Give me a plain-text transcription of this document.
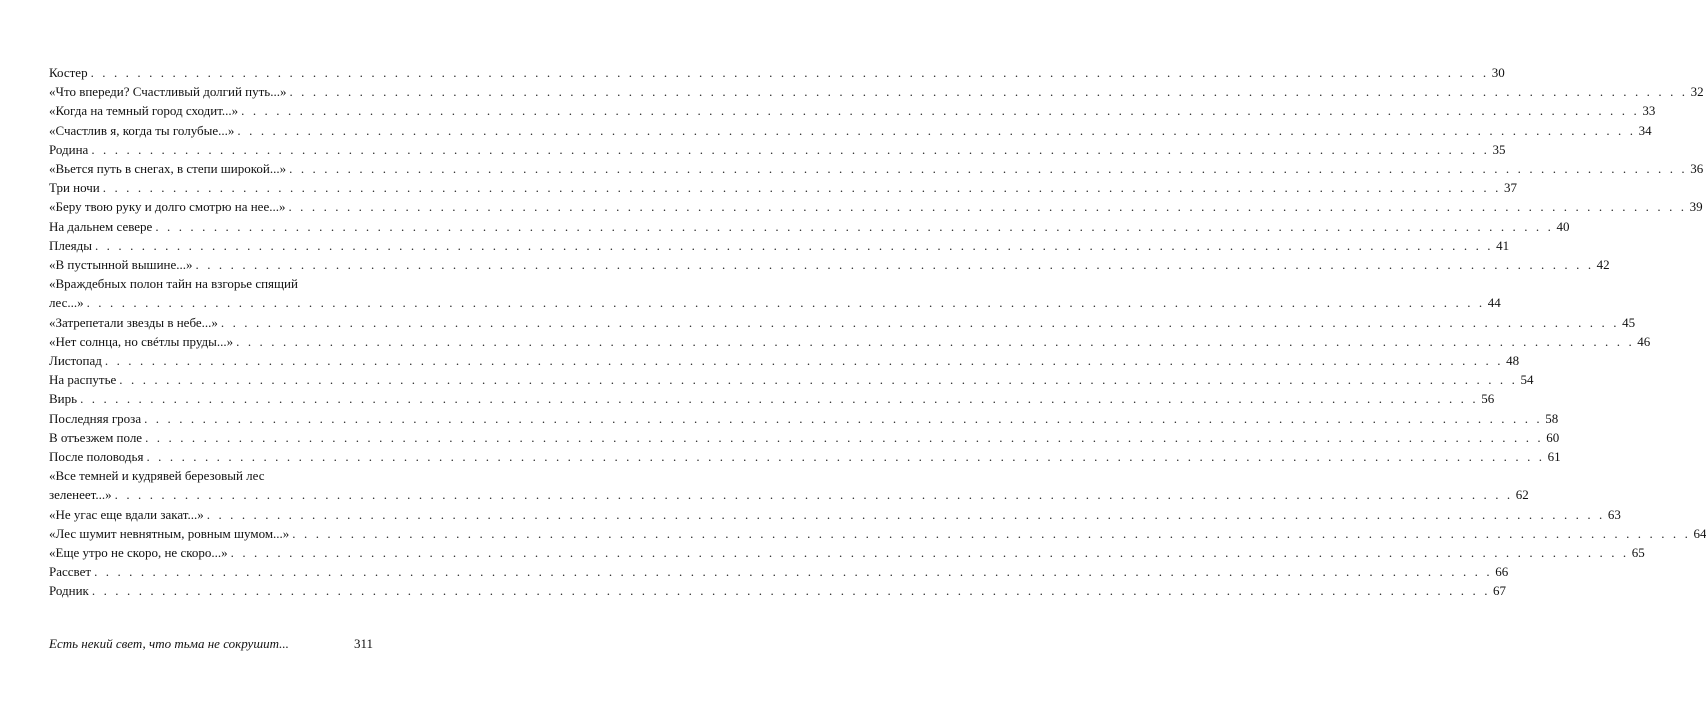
Костер . . . . . . . . . . . . . . . . . . . . . . . . . . . . . . . . . . . . . . . . . . . . . . . . . . . . . . . . . . . . . . . . . . . . . . . . . . . . . . . . . . . . . . . . . . . . . . . . . . . . . . . . . . . . . . . . . . . . . . . . 30
«Что впереди? Счастливый долгий путь...» . . . . . . . . . . . . . . . . . . . . . . . . . . . . . . . . . . . . . . . . . . . . . . . . . . . . . . . . . . . . . . . . . . . . . . . . . . . . . . . . . . . . . . . . . . . . . . . . . . . . . . . . . . . . . . . . . . . . . . . . 32
«Когда на темный город сходит...» . . . . . . . . . . . . . . . . . . . . . . . . . . . . . . . . . . . . . . . . . . . . . . . . . . . . . . . . . . . . . . . . . . . . . . . . . . . . . . . . . . . . . . . . . . . . . . . . . . . . . . . . . . . . . . . . . . . . . . . . 33
«Счастлив я, когда ты голубые...» . . . . . . . . . . . . . . . . . . . . . . . . . . . . . . . . . . . . . . . . . . . . . . . . . . . . . . . . . . . . . . . . . . . . . . . . . . . . . . . . . . . . . . . . . . . . . . . . . . . . . . . . . . . . . . . . . . . . . . . . 34
Родина . . . . . . . . . . . . . . . . . . . . . . . . . . . . . . . . . . . . . . . . . . . . . . . . . . . . . . . . . . . . . . . . . . . . . . . . . . . . . . . . . . . . . . . . . . . . . . . . . . . . . . . . . . . . . . . . . . . . . . . . 35
«Вьется путь в снегах, в степи широкой...» . . . . . . . . . . . . . . . . . . . . . . . . . . . . . . . . . . . . . . . . . . . . . . . . . . . . . . . . . . . . . . . . . . . . . . . . . . . . . . . . . . . . . . . . . . . . . . . . . . . . . . . . . . . . . . . . . . . . . . . . 36
Три ночи . . . . . . . . . . . . . . . . . . . . . . . . . . . . . . . . . . . . . . . . . . . . . . . . . . . . . . . . . . . . . . . . . . . . . . . . . . . . . . . . . . . . . . . . . . . . . . . . . . . . . . . . . . . . . . . . . . . . . . . . 37
«Беру твою руку и долго смотрю на нее...» . . . . . . . . . . . . . . . . . . . . . . . . . . . . . . . . . . . . . . . . . . . . . . . . . . . . . . . . . . . . . . . . . . . . . . . . . . . . . . . . . . . . . . . . . . . . . . . . . . . . . . . . . . . . . . . . . . . . . . . . 39
На дальнем севере . . . . . . . . . . . . . . . . . . . . . . . . . . . . . . . . . . . . . . . . . . . . . . . . . . . . . . . . . . . . . . . . . . . . . . . . . . . . . . . . . . . . . . . . . . . . . . . . . . . . . . . . . . . . . . . . . . . . . . . . 40
Плеяды . . . . . . . . . . . . . . . . . . . . . . . . . . . . . . . . . . . . . . . . . . . . . . . . . . . . . . . . . . . . . . . . . . . . . . . . . . . . . . . . . . . . . . . . . . . . . . . . . . . . . . . . . . . . . . . . . . . . . . . . 41
«В пустынной вышине...» . . . . . . . . . . . . . . . . . . . . . . . . . . . . . . . . . . . . . . . . . . . . . . . . . . . . . . . . . . . . . . . . . . . . . . . . . . . . . . . . . . . . . . . . . . . . . . . . . . . . . . . . . . . . . . . . . . . . . . . . 42
«Враждебных полон тайн на взгорье спящий
лес...» . . . . . . . . . . . . . . . . . . . . . . . . . . . . . . . . . . . . . . . . . . . . . . . . . . . . . . . . . . . . . . . . . . . . . . . . . . . . . . . . . . . . . . . . . . . . . . . . . . . . . . . . . . . . . . . . . . . . . . . . 44
«Затрепетали звезды в небе...» . . . . . . . . . . . . . . . . . . . . . . . . . . . . . . . . . . . . . . . . . . . . . . . . . . . . . . . . . . . . . . . . . . . . . . . . . . . . . . . . . . . . . . . . . . . . . . . . . . . . . . . . . . . . . . . . . . . . . . . . 45
«Нет солнца, но свéтлы пруды...» . . . . . . . . . . . . . . . . . . . . . . . . . . . . . . . . . . . . . . . . . . . . . . . . . . . . . . . . . . . . . . . . . . . . . . . . . . . . . . . . . . . . . . . . . . . . . . . . . . . . . . . . . . . . . . . . . . . . . . . . 46
Листопад . . . . . . . . . . . . . . . . . . . . . . . . . . . . . . . . . . . . . . . . . . . . . . . . . . . . . . . . . . . . . . . . . . . . . . . . . . . . . . . . . . . . . . . . . . . . . . . . . . . . . . . . . . . . . . . . . . . . . . . . 48
На распутье . . . . . . . . . . . . . . . . . . . . . . . . . . . . . . . . . . . . . . . . . . . . . . . . . . . . . . . . . . . . . . . . . . . . . . . . . . . . . . . . . . . . . . . . . . . . . . . . . . . . . . . . . . . . . . . . . . . . . . . . 54
Вирь . . . . . . . . . . . . . . . . . . . . . . . . . . . . . . . . . . . . . . . . . . . . . . . . . . . . . . . . . . . . . . . . . . . . . . . . . . . . . . . . . . . . . . . . . . . . . . . . . . . . . . . . . . . . . . . . . . . . . . . . 56
Последняя гроза . . . . . . . . . . . . . . . . . . . . . . . . . . . . . . . . . . . . . . . . . . . . . . . . . . . . . . . . . . . . . . . . . . . . . . . . . . . . . . . . . . . . . . . . . . . . . . . . . . . . . . . . . . . . . . . . . . . . . . . . 58
В отъезжем поле . . . . . . . . . . . . . . . . . . . . . . . . . . . . . . . . . . . . . . . . . . . . . . . . . . . . . . . . . . . . . . . . . . . . . . . . . . . . . . . . . . . . . . . . . . . . . . . . . . . . . . . . . . . . . . . . . . . . . . . . 60
После половодья . . . . . . . . . . . . . . . . . . . . . . . . . . . . . . . . . . . . . . . . . . . . . . . . . . . . . . . . . . . . . . . . . . . . . . . . . . . . . . . . . . . . . . . . . . . . . . . . . . . . . . . . . . . . . . . . . . . . . . . . 61
«Все темней и кудрявей березовый лес
зеленеет...» . . . . . . . . . . . . . . . . . . . . . . . . . . . . . . . . . . . . . . . . . . . . . . . . . . . . . . . . . . . . . . . . . . . . . . . . . . . . . . . . . . . . . . . . . . . . . . . . . . . . . . . . . . . . . . . . . . . . . . . . 62
«Не угас еще вдали закат...» . . . . . . . . . . . . . . . . . . . . . . . . . . . . . . . . . . . . . . . . . . . . . . . . . . . . . . . . . . . . . . . . . . . . . . . . . . . . . . . . . . . . . . . . . . . . . . . . . . . . . . . . . . . . . . . . . . . . . . . . 63
«Лес шумит невнятным, ровным шумом...» . . . . . . . . . . . . . . . . . . . . . . . . . . . . . . . . . . . . . . . . . . . . . . . . . . . . . . . . . . . . . . . . . . . . . . . . . . . . . . . . . . . . . . . . . . . . . . . . . . . . . . . . . . . . . . . . . . . . . . . . 64
«Еще утро не скоро, не скоро...» . . . . . . . . . . . . . . . . . . . . . . . . . . . . . . . . . . . . . . . . . . . . . . . . . . . . . . . . . . . . . . . . . . . . . . . . . . . . . . . . . . . . . . . . . . . . . . . . . . . . . . . . . . . . . . . . . . . . . . . . 65
Рассвет . . . . . . . . . . . . . . . . . . . . . . . . . . . . . . . . . . . . . . . . . . . . . . . . . . . . . . . . . . . . . . . . . . . . . . . . . . . . . . . . . . . . . . . . . . . . . . . . . . . . . . . . . . . . . . . . . . . . . . . . 66
Родник . . . . . . . . . . . . . . . . . . . . . . . . . . . . . . . . . . . . . . . . . . . . . . . . . . . . . . . . . . . . . . . . . . . . . . . . . . . . . . . . . . . . . . . . . . . . . . . . . . . . . . . . . . . . . . . . . . . . . . . . 67
Есть некий свет, что тьма не сокрушит...	311
